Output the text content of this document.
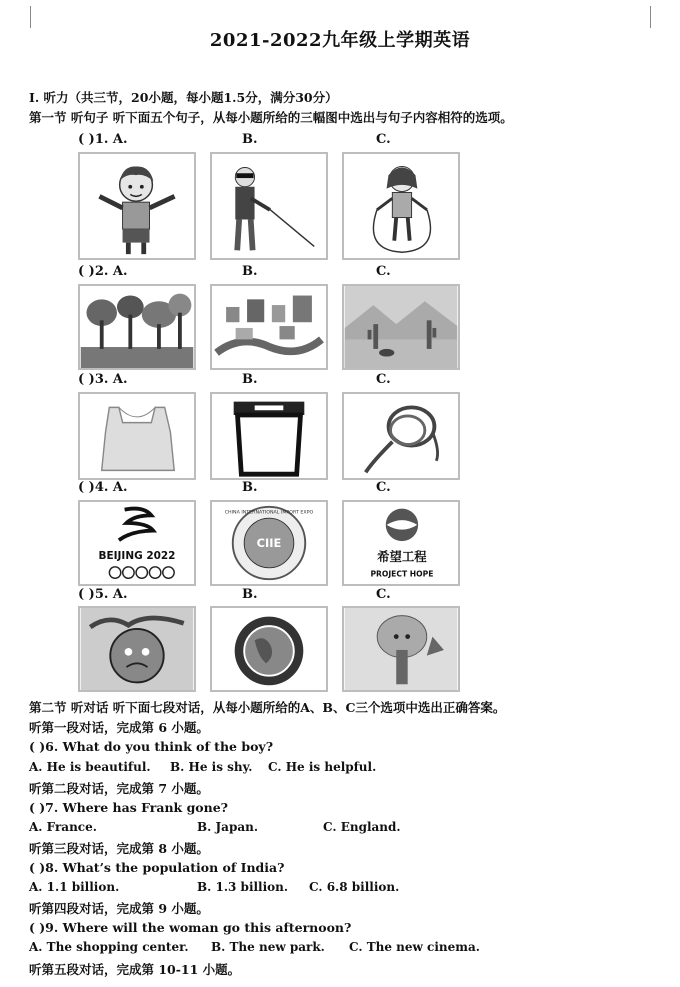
2021-2022九年级上学期英语
Ⅰ. 听力（共三节，20小题，每小题1.5分，满分30分）
第一节 听句子 听下面五个句子，从每小题所给的三幅图中选出与句子内容相符的选项。
( )1. A.	B.	C.
( )2. A.	B.	C.
( )3. A.	B.	C.
( )4. A.	B.	C.
BEIJING 2022
CIIE
CHINA INTERNATIONAL IMPORT EXPO
希望工程
PROJECT HOPE
( )5. A.	B.	C.
第二节 听对话 听下面七段对话，从每小题所给的A、B、C三个选项中选出正确答案。
听第一段对话，完成第 6 小题。
( )6. What do you think of the boy?
A. He is beautiful. B. He is shy. C. He is helpful.
听第二段对话，完成第 7 小题。
( )7. Where has Frank gone?
A. France.	B. Japan.	C. England.
听第三段对话，完成第 8 小题。
( )8. What’s the population of India?
A. 1.1 billion.	B. 1.3 billion. C. 6.8 billion.
听第四段对话，完成第 9 小题。
( )9. Where will the woman go this afternoon?
A. The shopping center. B. The new park. C. The new cinema.
听第五段对话，完成第 10-11 小题。
